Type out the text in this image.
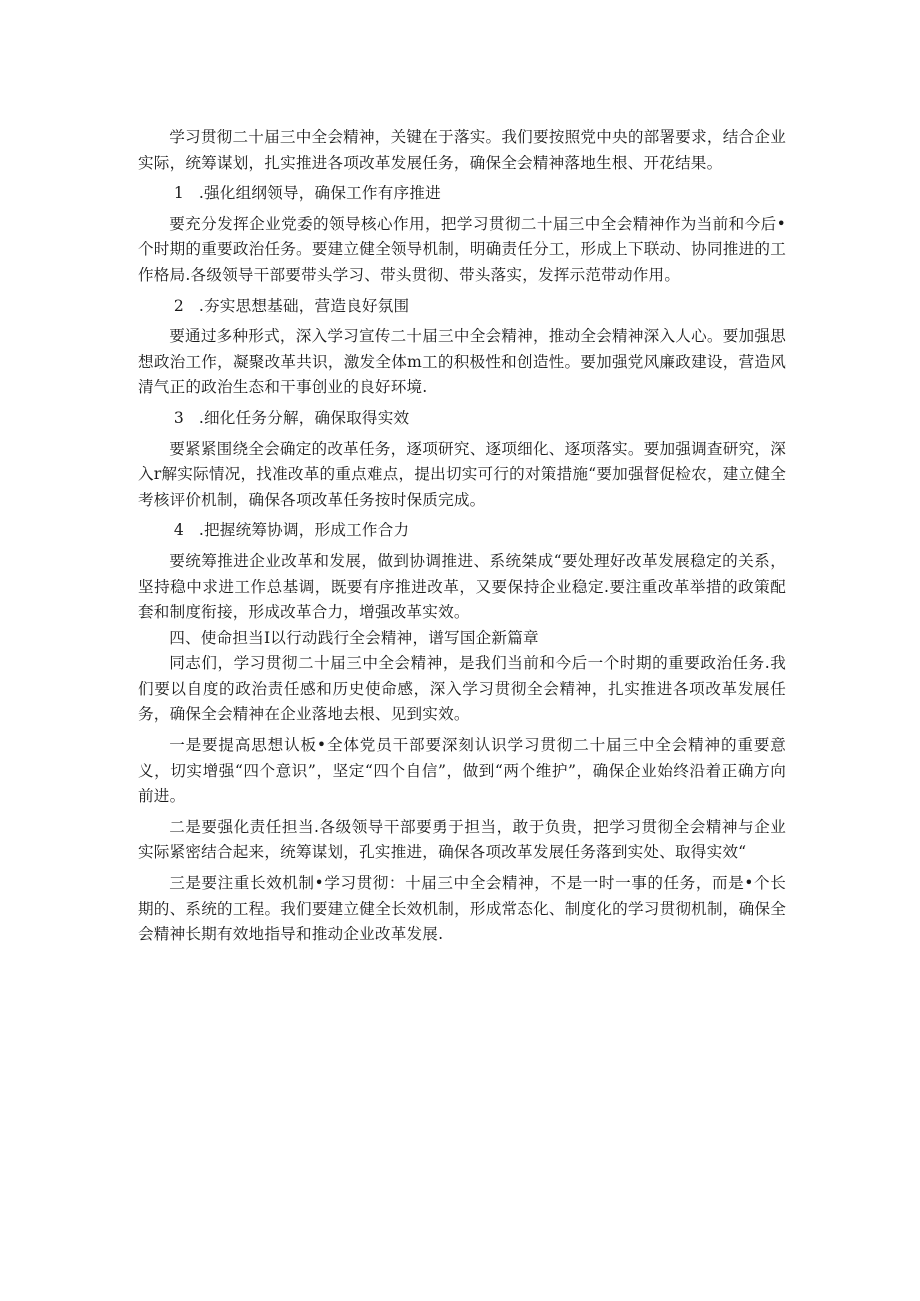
学习贯彻二十届三中全会精神，关键在于落实。我们要按照党中央的部署要求，结合企业实际，统筹谋划，扎实推进各项改革发展任务，确保全会精神落地生根、开花结果。

1 .强化组纲领导，确保工作有序推进

要充分发挥企业党委的领导核心作用，把学习贯彻二十届三中全会精神作为当前和今后•个时期的重要政治任务。要建立健全领导机制，明确责任分工，形成上下联动、协同推进的工作格局.各级领导干部要带头学习、带头贯彻、带头落实，发挥示范带动作用。

2 .夯实思想基础，营造良好氛围

要通过多种形式，深入学习宣传二十届三中全会精神，推动全会精神深入人心。要加强思想政治工作，凝聚改革共识，激发全体m工的积极性和创造性。要加强党风廉政建设，营造风清气正的政治生态和干事创业的良好环境.

3 .细化任务分解，确保取得实效

要紧紧围绕全会确定的改革任务，逐项研究、逐项细化、逐项落实。要加强调查研究，深入r解实际情况，找准改革的重点难点，提出切实可行的对策措施“要加强督促检农，建立健全考核评价机制，确保各项改革任务按时保质完成。

4 .把握统筹协调，形成工作合力

要统筹推进企业改革和发展，做到协调推进、系统桀成“要处理好改革发展稳定的关系，坚持稳中求进工作总基调，既要有序推进改革，又要保持企业稳定.要注重改革举措的政策配套和制度衔接，形成改革合力，增强改革实效。

四、使命担当I以行动践行全会精神，谱写国企新篇章

同志们，学习贯彻二十届三中全会精神，是我们当前和今后一个时期的重要政治任务.我们要以自度的政治责任感和历史使命感，深入学习贯彻全会精神，扎实推进各项改革发展任务，确保全会精神在企业落地去根、见到实效。

一是要提高思想认板•全体党员干部要深刻认识学习贯彻二十届三中全会精神的重要意义，切实增强“四个意识”，坚定“四个自信”，做到“两个维护”，确保企业始终沿着正确方向前进。

二是要强化责任担当.各级领导干部要勇于担当，敢于负贵，把学习贯彻全会精神与企业实际紧密结合起来，统筹谋划，孔实推进，确保各项改革发展任务落到实处、取得实效“

三是要注重长效机制•学习贯彻：十届三中全会精神，不是一时一事的任务，而是•个长期的、系统的工程。我们要建立健全长效机制，形成常态化、制度化的学习贯彻机制，确保全会精神长期有效地指导和推动企业改革发展.
